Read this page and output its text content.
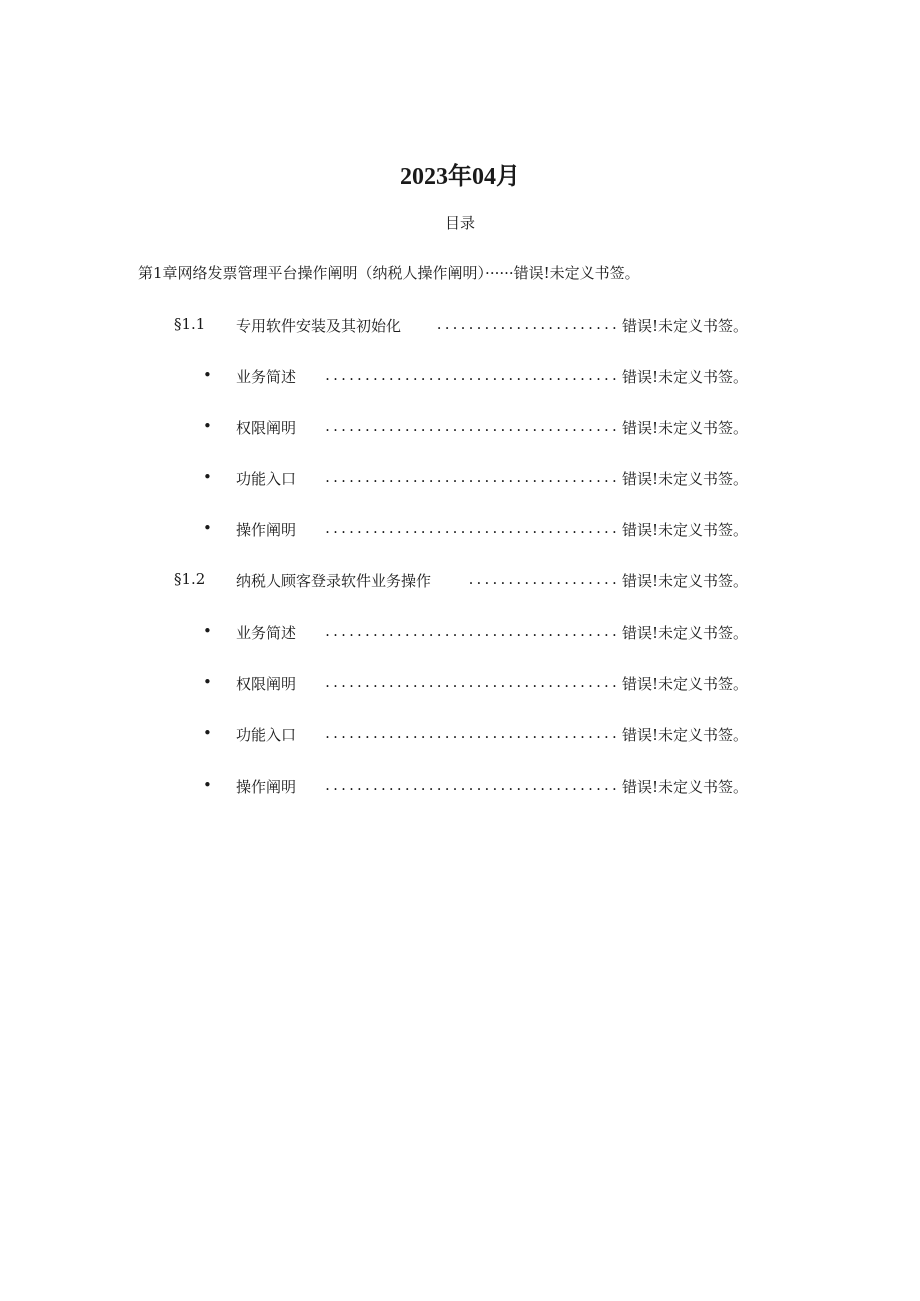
2023年04月
目录
第1章网络发票管理平台操作阐明（纳税人操作阐明）······错误!未定义书签。
§1.1 专用软件安装及其初始化	....................... 错误!未定义书签。
• 业务简述	..................................... 错误!未定义书签。
• 权限阐明	..................................... 错误!未定义书签。
• 功能入口	..................................... 错误!未定义书签。
• 操作阐明	..................................... 错误!未定义书签。
§1.2 纳税人顾客登录软件业务操作	................... 错误!未定义书签。
• 业务简述	..................................... 错误!未定义书签。
• 权限阐明	..................................... 错误!未定义书签。
• 功能入口	..................................... 错误!未定义书签。
• 操作阐明	..................................... 错误!未定义书签。
